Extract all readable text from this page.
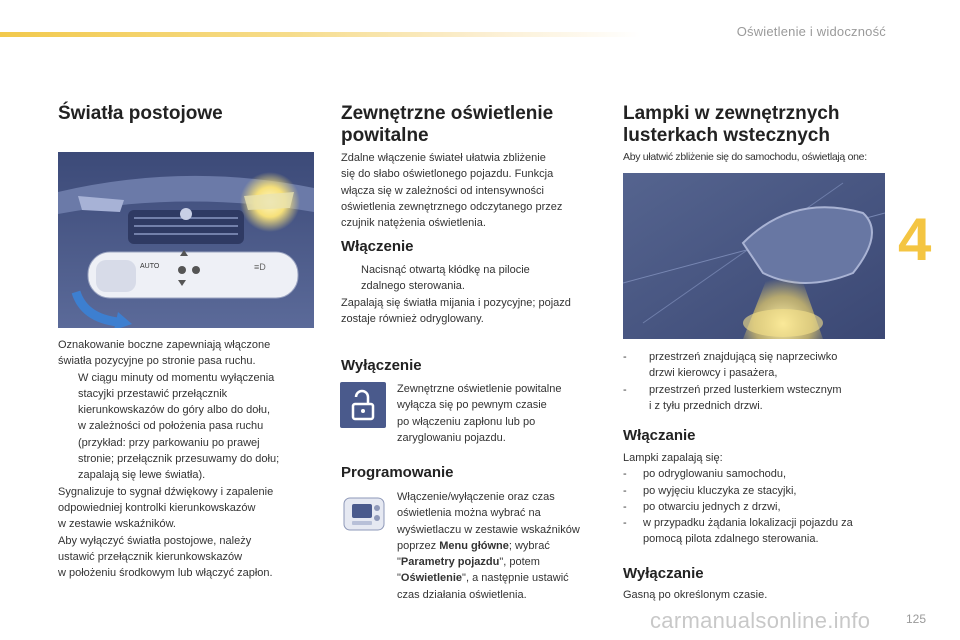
Oświetlenie i widoczność
4
Światła postojowe
AUTO	≡D
Oznakowanie boczne zapewniają włączone
światła pozycyjne po stronie pasa ruchu.
W ciągu minuty od momentu wyłączenia
stacyjki przestawić przełącznik
kierunkowskazów do góry albo do dołu,
w zależności od położenia pasa ruchu
(przykład: przy parkowaniu po prawej
stronie; przełącznik przesuwamy do dołu;
zapalają się lewe światła).
Sygnalizuje to sygnał dźwiękowy i zapalenie
odpowiedniej kontrolki kierunkowskazów
w zestawie wskaźników.
Aby wyłączyć światła postojowe, należy
ustawić przełącznik kierunkowskazów
w położeniu środkowym lub włączyć zapłon.
Zewnętrzne oświetlenie
powitalne
Zdalne włączenie świateł ułatwia zbliżenie
się do słabo oświetlonego pojazdu. Funkcja
włącza się w zależności od intensywności
oświetlenia zewnętrznego odczytanego przez
czujnik natężenia oświetlenia.
Włączenie
Nacisnąć otwartą kłódkę na pilocie
zdalnego sterowania.
Zapalają się światła mijania i pozycyjne; pojazd
zostaje również odryglowany.
Wyłączenie
Zewnętrzne oświetlenie powitalne
wyłącza się po pewnym czasie
po włączeniu zapłonu lub po
zaryglowaniu pojazdu.
Programowanie
Włączenie/wyłączenie oraz czas
oświetlenia można wybrać na
wyświetlaczu w zestawie wskaźników
poprzez Menu główne; wybrać
"Parametry pojazdu", potem
"Oświetlenie", a następnie ustawić
czas działania oświetlenia.
Lampki w zewnętrznych
lusterkach wstecznych
Aby ułatwić zbliżenie się do samochodu, oświetlają one:
-	przestrzeń znajdującą się naprzeciwko
drzwi kierowcy i pasażera,
-	przestrzeń przed lusterkiem wstecznym
i z tyłu przednich drzwi.
Włączanie
Lampki zapalają się:
-	po odryglowaniu samochodu,
-	po wyjęciu kluczyka ze stacyjki,
-	po otwarciu jednych z drzwi,
-	w przypadku żądania lokalizacji pojazdu za
pomocą pilota zdalnego sterowania.
Wyłączanie
Gasną po określonym czasie.
carmanualsonline.info	125
